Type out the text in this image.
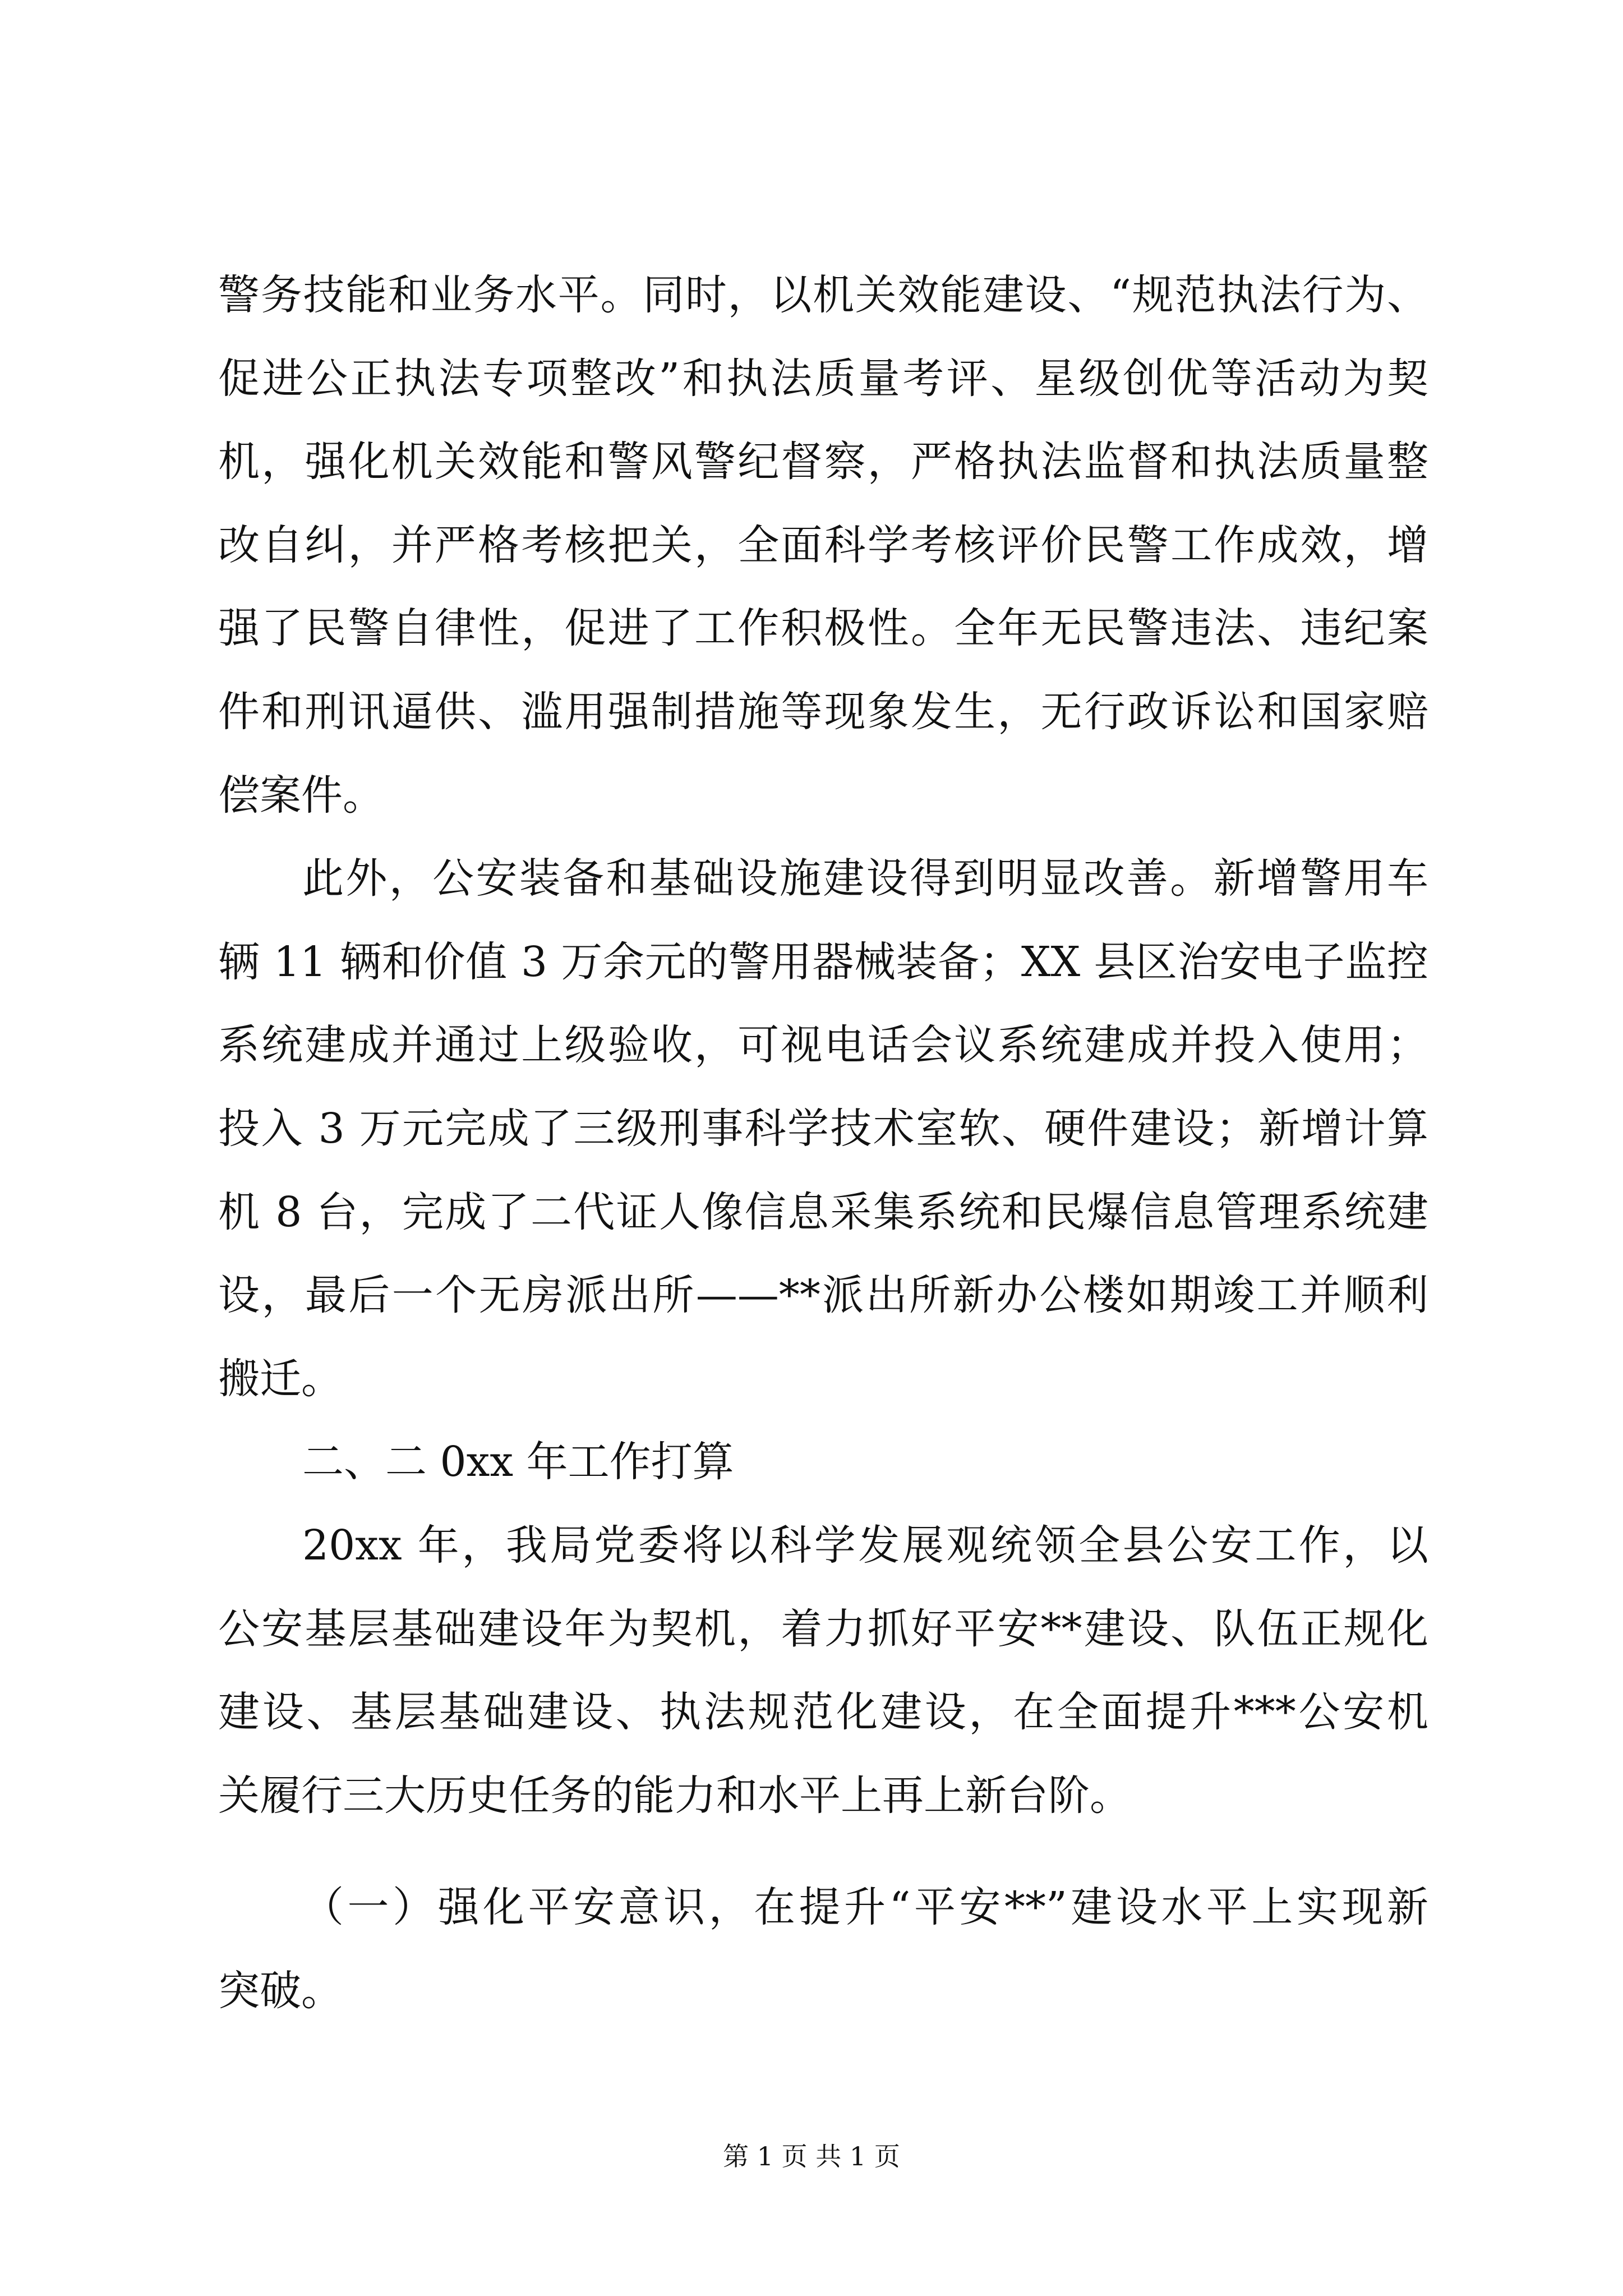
警务技能和业务水平。同时，以机关效能建设、“规范执法行为、
促进公正执法专项整改”和执法质量考评、星级创优等活动为契
机，强化机关效能和警风警纪督察，严格执法监督和执法质量整
改自纠，并严格考核把关，全面科学考核评价民警工作成效，增
强了民警自律性，促进了工作积极性。全年无民警违法、违纪案
件和刑讯逼供、滥用强制措施等现象发生，无行政诉讼和国家赔
偿案件。
此外，公安装备和基础设施建设得到明显改善。新增警用车
辆 11 辆和价值 3 万余元的警用器械装备；XX 县区治安电子监控
系统建成并通过上级验收，可视电话会议系统建成并投入使用；
投入 3 万元完成了三级刑事科学技术室软、硬件建设；新增计算
机 8 台，完成了二代证人像信息采集系统和民爆信息管理系统建
设，最后一个无房派出所——**派出所新办公楼如期竣工并顺利
搬迁。
二、二 0xx 年工作打算
20xx 年，我局党委将以科学发展观统领全县公安工作，以
公安基层基础建设年为契机，着力抓好平安**建设、队伍正规化
建设、基层基础建设、执法规范化建设，在全面提升***公安机
关履行三大历史任务的能力和水平上再上新台阶。
（一）强化平安意识，在提升“平安**”建设水平上实现新
突破。
第 1 页 共 1 页
